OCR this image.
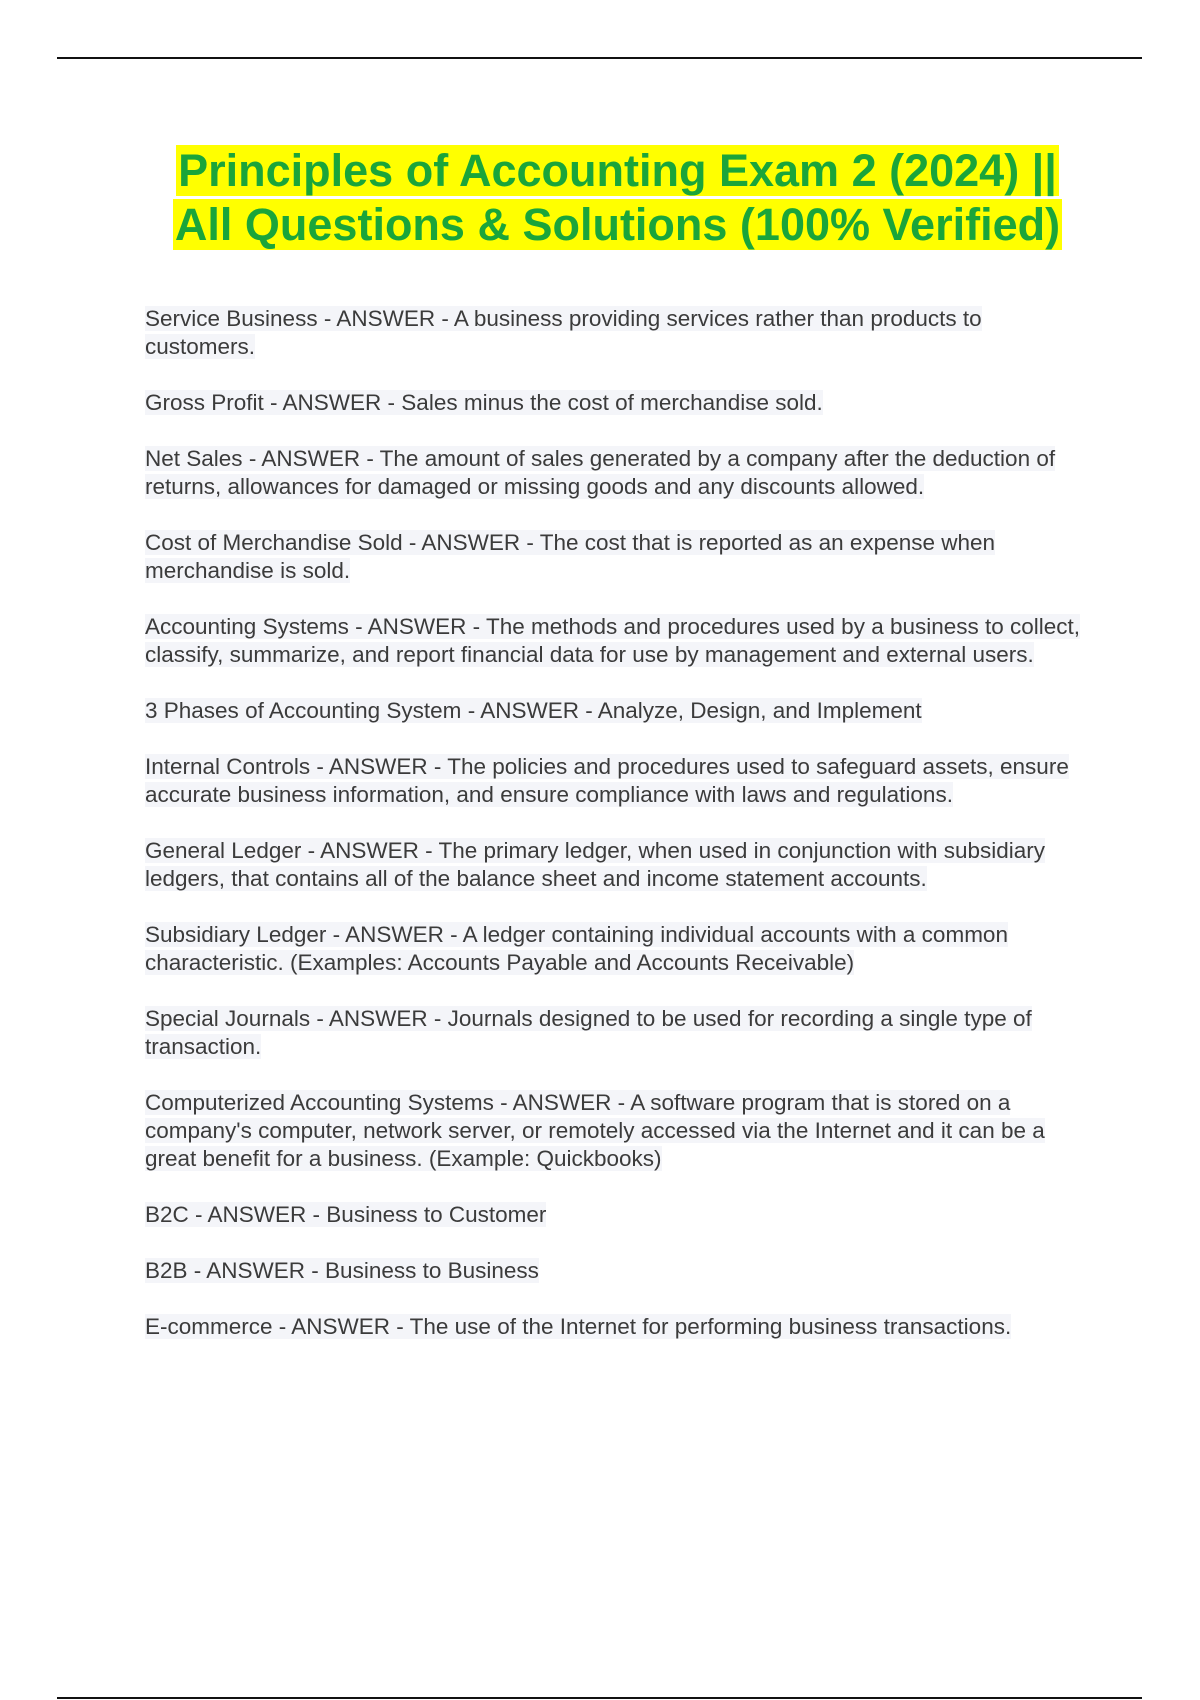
Principles of Accounting Exam 2 (2024) ||
All Questions & Solutions (100% Verified)

Service Business - ANSWER - A business providing services rather than products to customers.

Gross Profit - ANSWER - Sales minus the cost of merchandise sold.

Net Sales - ANSWER - The amount of sales generated by a company after the deduction of returns, allowances for damaged or missing goods and any discounts allowed.

Cost of Merchandise Sold - ANSWER - The cost that is reported as an expense when merchandise is sold.

Accounting Systems - ANSWER - The methods and procedures used by a business to collect, classify, summarize, and report financial data for use by management and external users.

3 Phases of Accounting System - ANSWER - Analyze, Design, and Implement

Internal Controls - ANSWER - The policies and procedures used to safeguard assets, ensure accurate business information, and ensure compliance with laws and regulations.

General Ledger - ANSWER - The primary ledger, when used in conjunction with subsidiary ledgers, that contains all of the balance sheet and income statement accounts.

Subsidiary Ledger - ANSWER - A ledger containing individual accounts with a common characteristic. (Examples: Accounts Payable and Accounts Receivable)

Special Journals - ANSWER - Journals designed to be used for recording a single type of transaction.

Computerized Accounting Systems - ANSWER - A software program that is stored on a company's computer, network server, or remotely accessed via the Internet and it can be a great benefit for a business. (Example: Quickbooks)

B2C - ANSWER - Business to Customer

B2B - ANSWER - Business to Business

E-commerce - ANSWER - The use of the Internet for performing business transactions.
